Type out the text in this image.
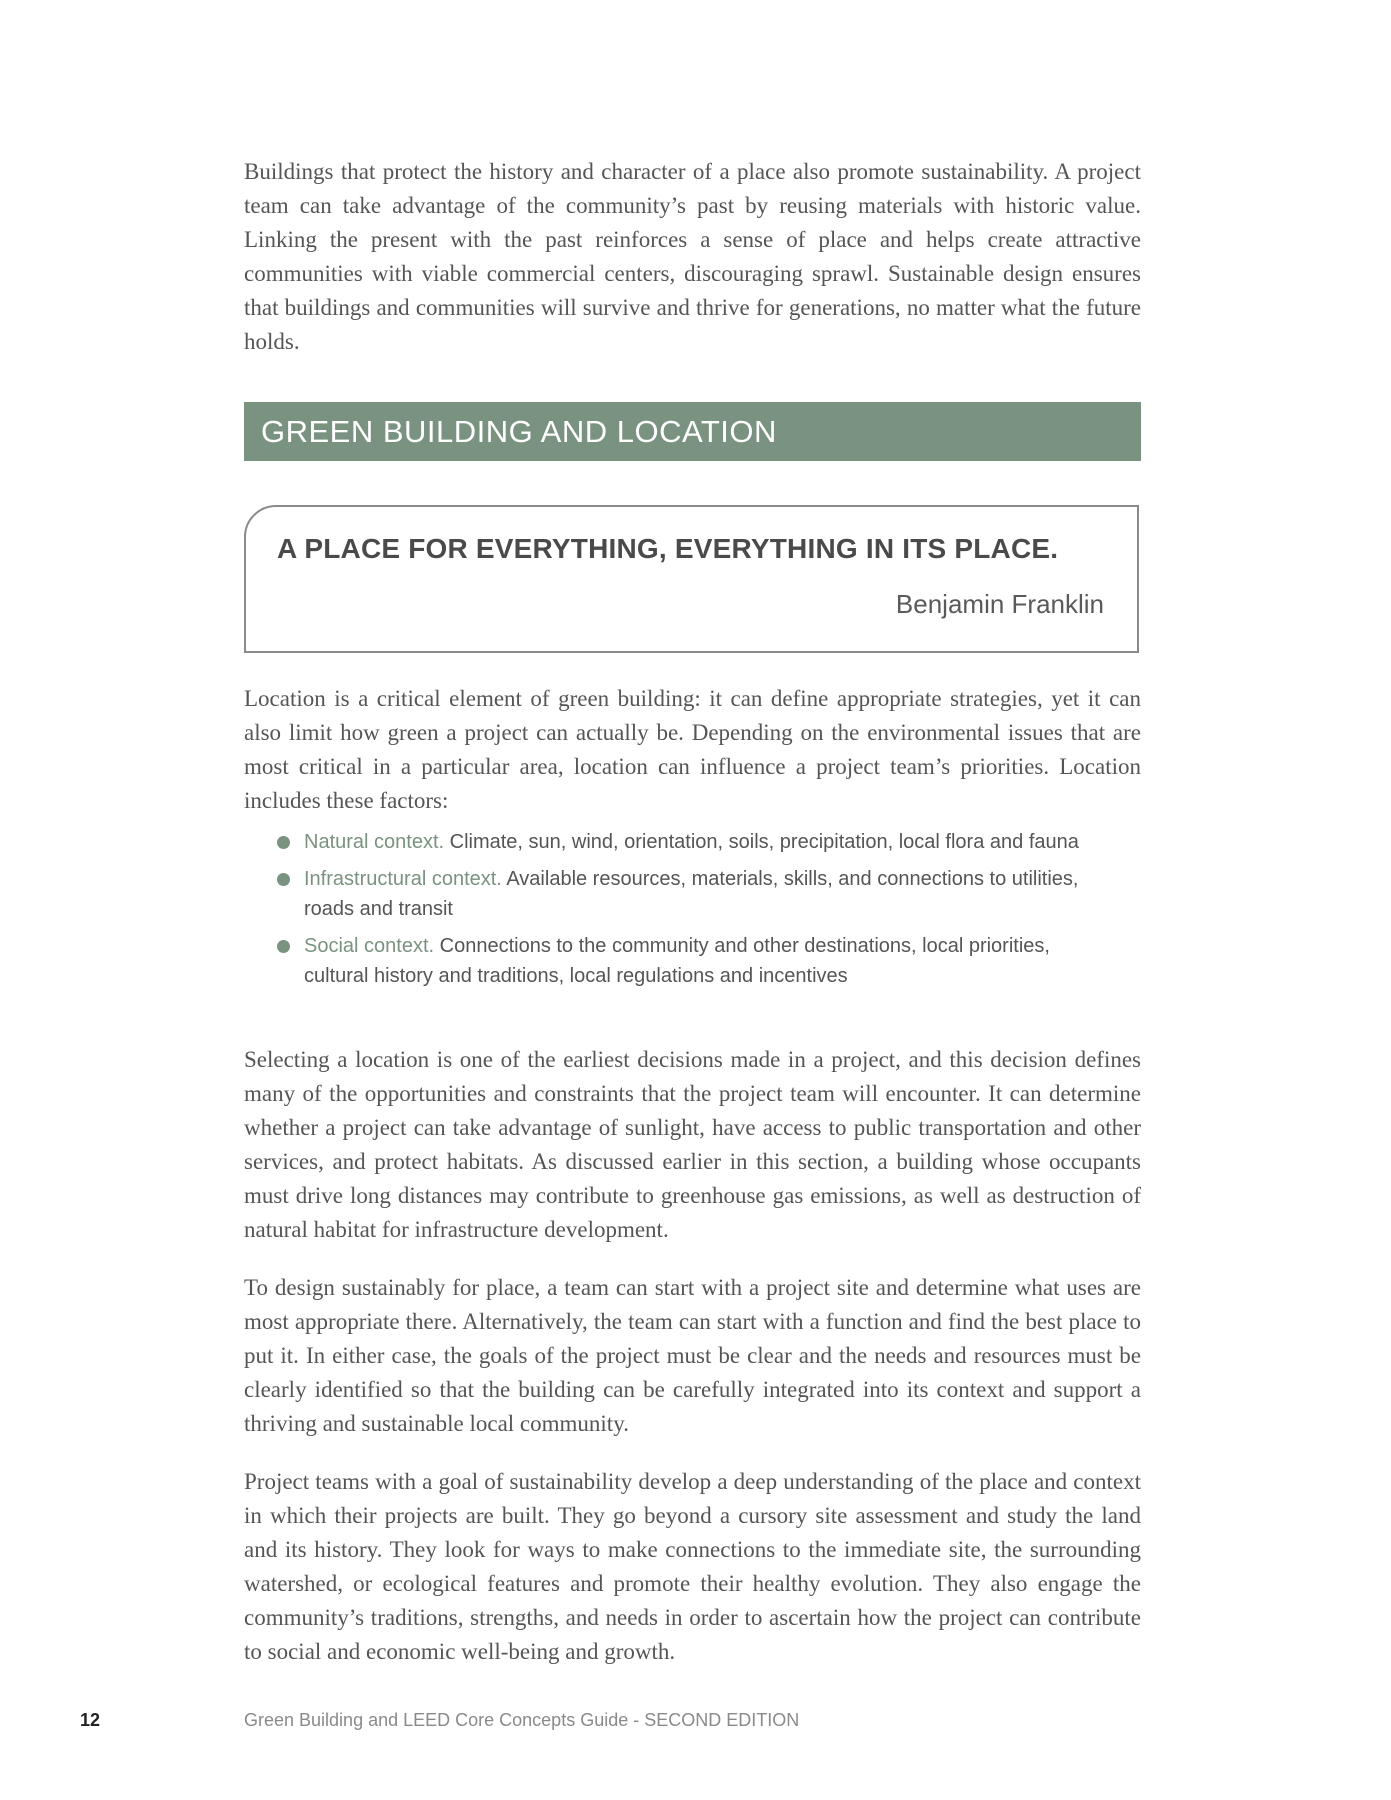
Buildings that protect the history and character of a place also promote sustainability. A project team can take advantage of the community’s past by reusing materials with historic value. Linking the present with the past reinforces a sense of place and helps create attractive communities with viable commercial centers, discouraging sprawl. Sustainable design ensures that buildings and communities will survive and thrive for generations, no matter what the future holds.

GREEN BUILDING AND LOCATION
A PLACE FOR EVERYTHING, EVERYTHING IN ITS PLACE.
Benjamin Franklin

Location is a critical element of green building: it can define appropriate strategies, yet it can also limit how green a project can actually be. Depending on the environmental issues that are most critical in a particular area, location can influence a project team’s priorities. Location includes these factors:

Natural context. Climate, sun, wind, orientation, soils, precipitation, local flora and fauna
Infrastructural context. Available resources, materials, skills, and connections to utilities, roads and transit
Social context. Connections to the community and other destinations, local priorities, cultural history and traditions, local regulations and incentives

Selecting a location is one of the earliest decisions made in a project, and this decision defines many of the opportunities and constraints that the project team will encounter. It can determine whether a project can take advantage of sunlight, have access to public transportation and other services, and protect habitats. As discussed earlier in this section, a building whose occupants must drive long distances may contribute to greenhouse gas emissions, as well as destruction of natural habitat for infrastructure development.

To design sustainably for place, a team can start with a project site and determine what uses are most appropriate there. Alternatively, the team can start with a function and find the best place to put it. In either case, the goals of the project must be clear and the needs and resources must be clearly identified so that the building can be carefully integrated into its context and support a thriving and sustainable local community.

Project teams with a goal of sustainability develop a deep understanding of the place and context in which their projects are built. They go beyond a cursory site assessment and study the land and its history. They look for ways to make connections to the immediate site, the surrounding watershed, or ecological features and promote their healthy evolution. They also engage the community’s traditions, strengths, and needs in order to ascertain how the project can contribute to social and economic well-being and growth.

12	Green Building and LEED Core Concepts Guide - SECOND EDITION
